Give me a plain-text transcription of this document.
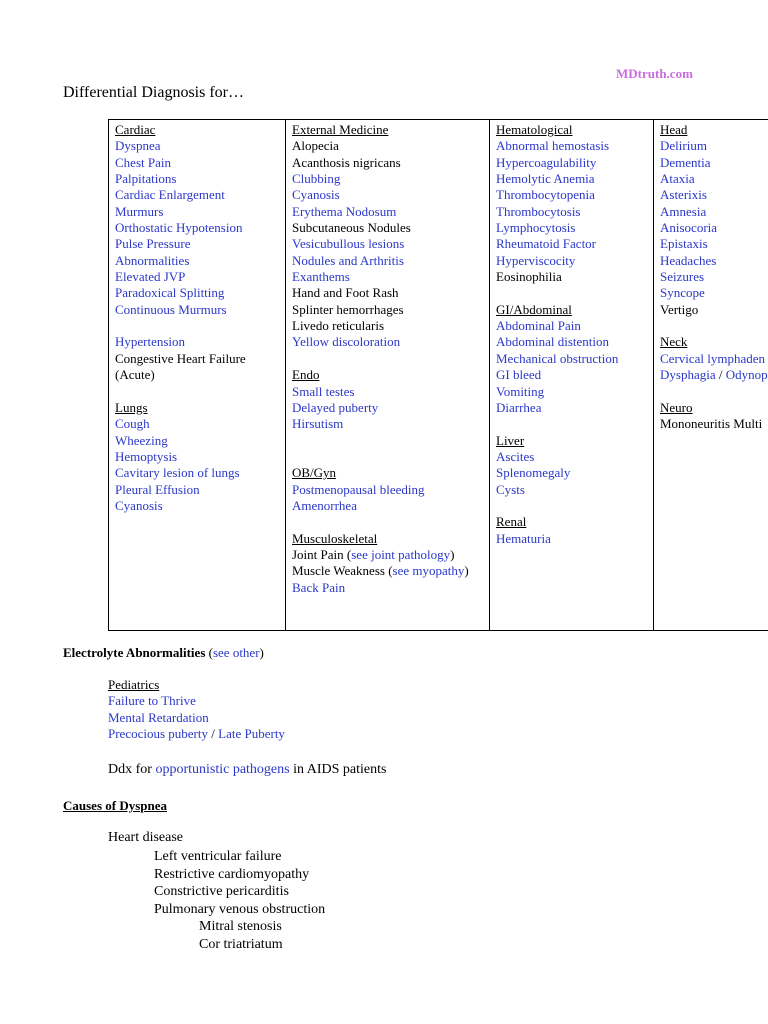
MDtruth.com
Differential Diagnosis for…
Cardiac
Dyspnea
Chest Pain
Palpitations
Cardiac Enlargement
Murmurs
Orthostatic Hypotension
Pulse Pressure
Abnormalities
Elevated JVP
Paradoxical Splitting
Continuous Murmurs
Hypertension
Congestive Heart Failure
(Acute)
Lungs
Cough
Wheezing
Hemoptysis
Cavitary lesion of lungs
Pleural Effusion
Cyanosis
External Medicine
Alopecia
Acanthosis nigricans
Clubbing
Cyanosis
Erythema Nodosum
Subcutaneous Nodules
Vesicubullous lesions
Nodules and Arthritis
Exanthems
Hand and Foot Rash
Splinter hemorrhages
Livedo reticularis
Yellow discoloration
Endo
Small testes
Delayed puberty
Hirsutism
OB/Gyn
Postmenopausal bleeding
Amenorrhea
Musculoskeletal
Joint Pain (see joint pathology)
Muscle Weakness (see myopathy)
Back Pain
Hematological
Abnormal hemostasis
Hypercoagulability
Hemolytic Anemia
Thrombocytopenia
Thrombocytosis
Lymphocytosis
Rheumatoid Factor
Hyperviscocity
Eosinophilia
GI/Abdominal
Abdominal Pain
Abdominal distention
Mechanical obstruction
GI bleed
Vomiting
Diarrhea
Liver
Ascites
Splenomegaly
Cysts
Renal
Hematuria
Head
Delirium
Dementia
Ataxia
Asterixis
Amnesia
Anisocoria
Epistaxis
Headaches
Seizures
Syncope
Vertigo
Neck
Cervical lymphaden
Dysphagia / Odynop
Neuro
Mononeuritis Multi
Electrolyte Abnormalities (see other)
Pediatrics
Failure to Thrive
Mental Retardation
Precocious puberty / Late Puberty
Ddx for opportunistic pathogens in AIDS patients
Causes of Dyspnea
Heart disease
Left ventricular failure
Restrictive cardiomyopathy
Constrictive pericarditis
Pulmonary venous obstruction
Mitral stenosis
Cor triatriatum
